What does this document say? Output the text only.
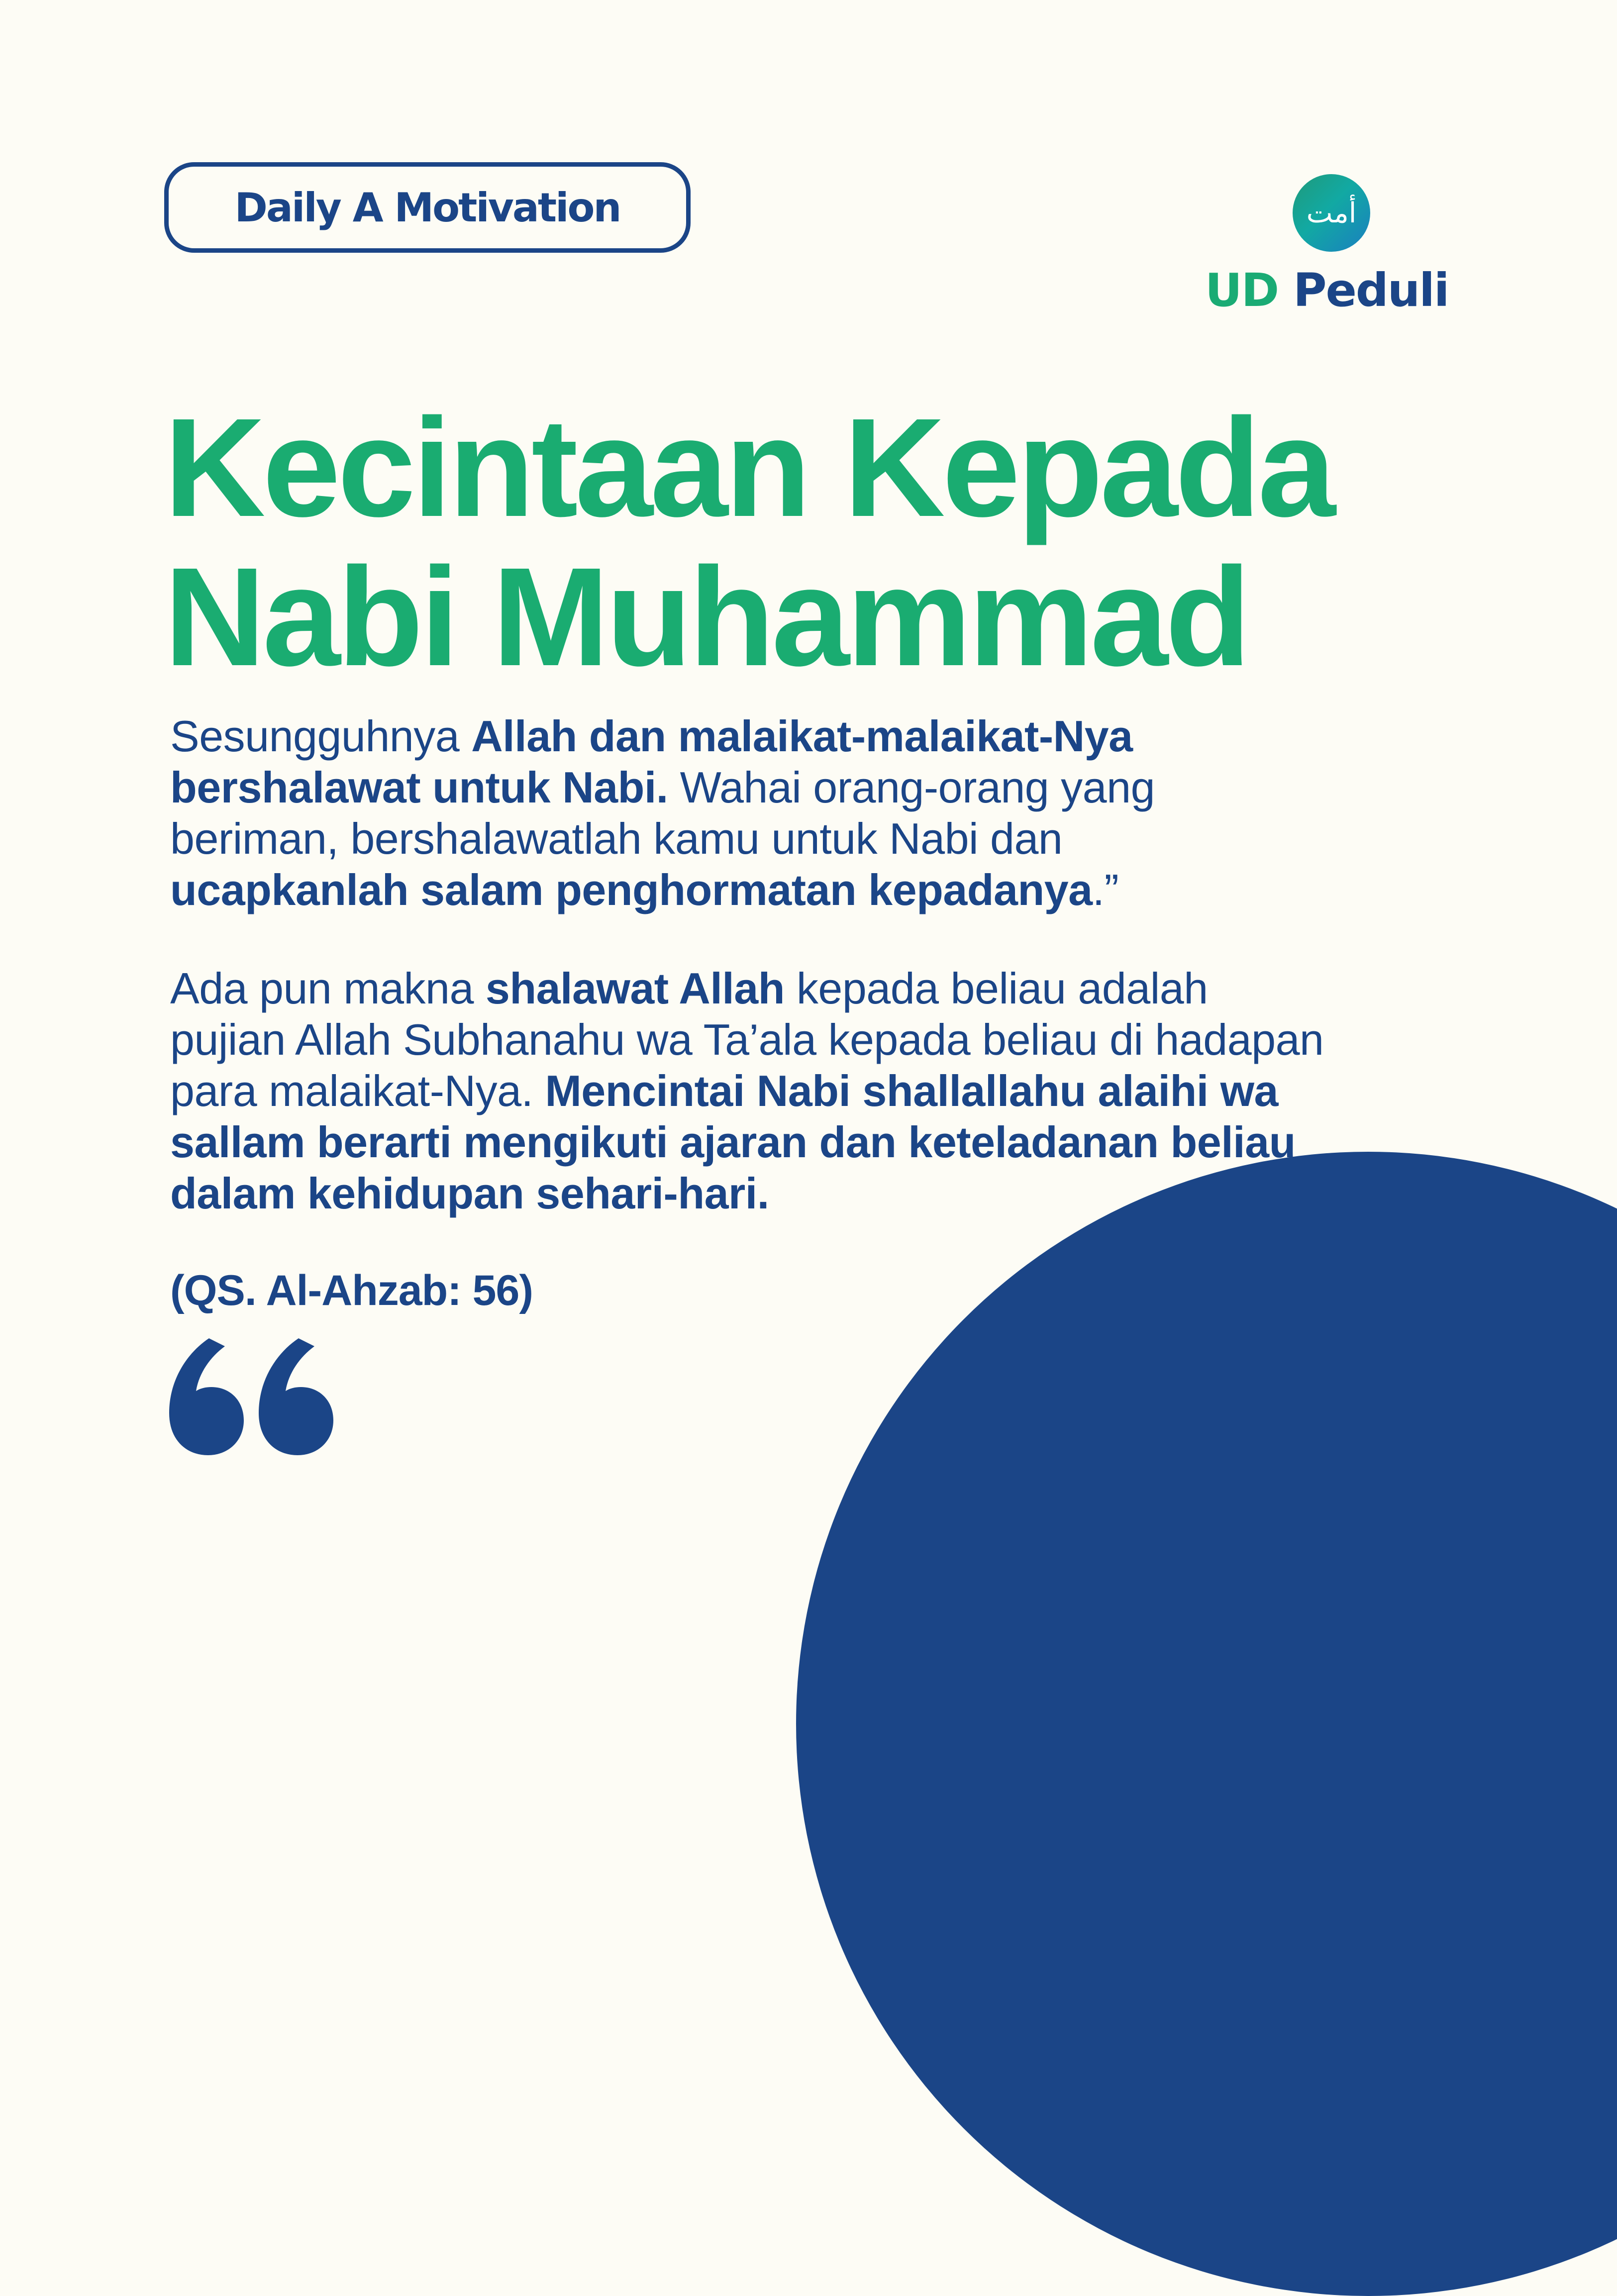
Daily A Motivation	أمت
UD Peduli
Kecintaan Kepada
Nabi Muhammad

Sesungguhnya Allah dan malaikat-malaikat-Nya
bershalawat untuk Nabi. Wahai orang-orang yang
beriman, bershalawatlah kamu untuk Nabi dan
ucapkanlah salam penghormatan kepadanya.”

Ada pun makna shalawat Allah kepada beliau adalah
pujian Allah Subhanahu wa Ta’ala kepada beliau di hadapan
para malaikat-Nya. Mencintai Nabi shallallahu alaihi wa
sallam berarti mengikuti ajaran dan keteladanan beliau
dalam kehidupan sehari-hari.

(QS. Al-Ahzab: 56)
